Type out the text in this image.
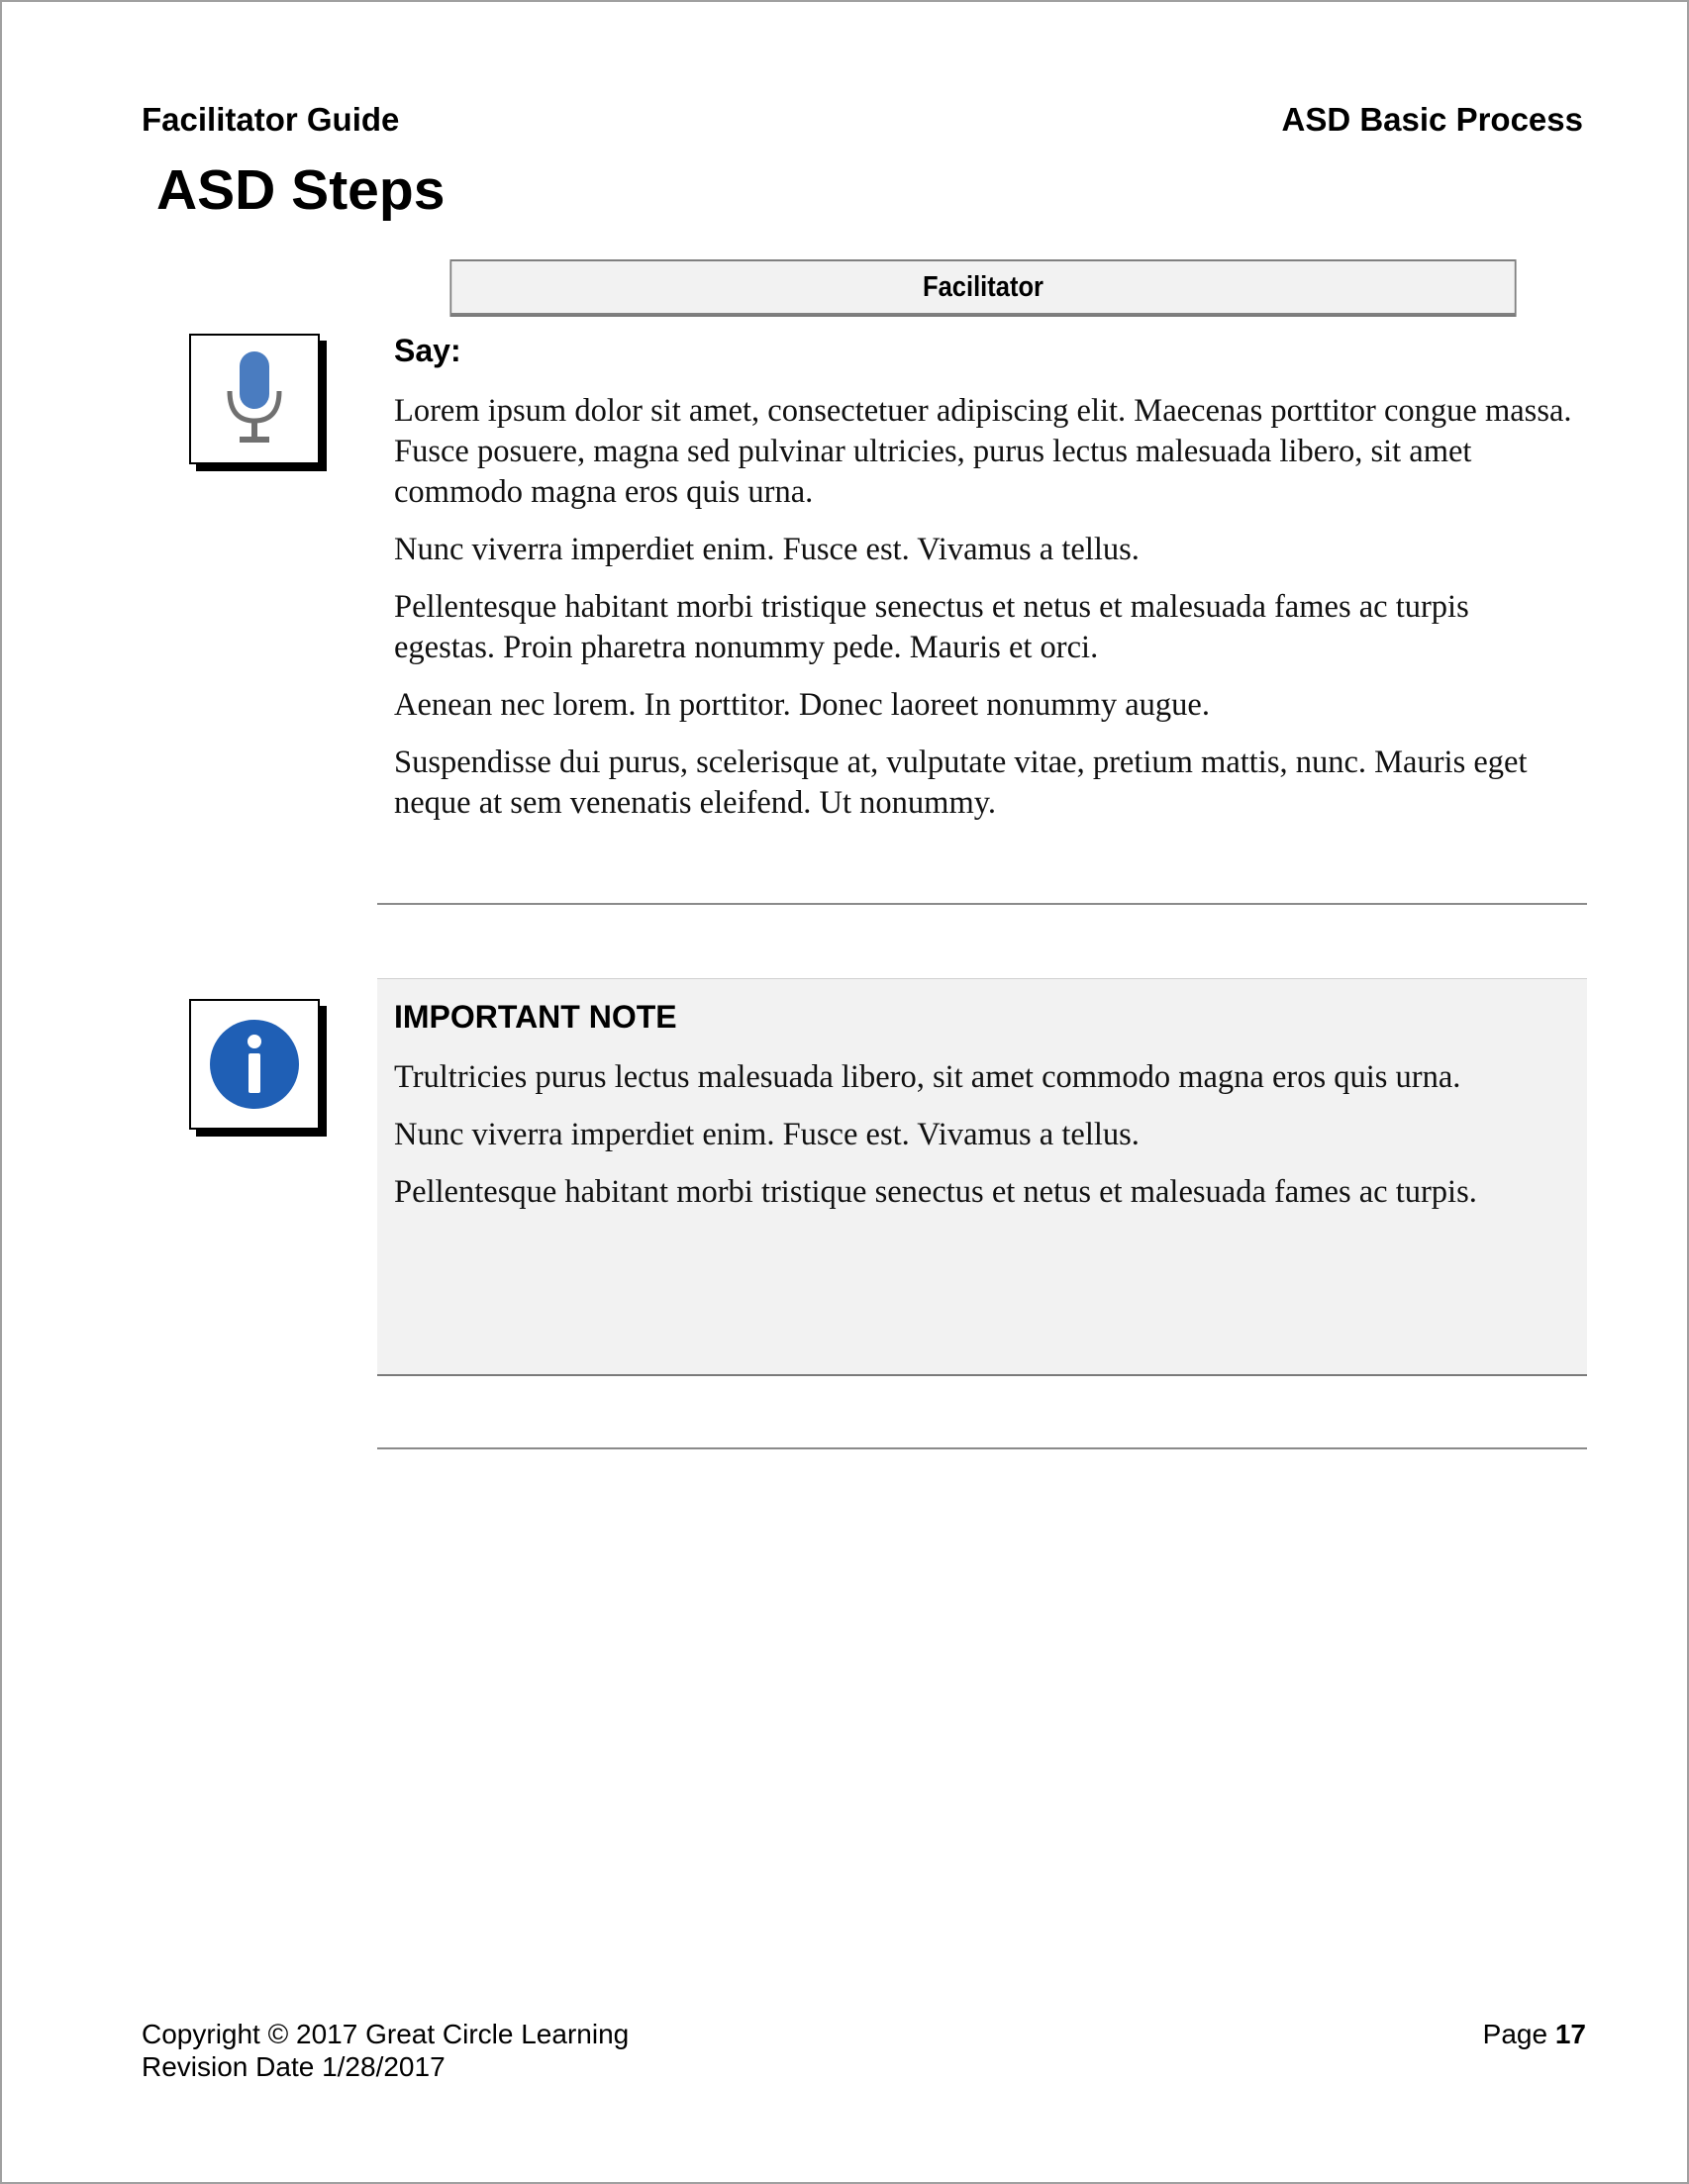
Facilitator Guide	ASD Basic Process
ASD Steps
Facilitator
Say:

Lorem ipsum dolor sit amet, consectetuer adipiscing elit. Maecenas porttitor congue massa. Fusce posuere, magna sed pulvinar ultricies, purus lectus malesuada libero, sit amet commodo magna eros quis urna.

Nunc viverra imperdiet enim. Fusce est. Vivamus a tellus.

Pellentesque habitant morbi tristique senectus et netus et malesuada fames ac turpis egestas. Proin pharetra nonummy pede. Mauris et orci.

Aenean nec lorem. In porttitor. Donec laoreet nonummy augue.

Suspendisse dui purus, scelerisque at, vulputate vitae, pretium mattis, nunc. Mauris eget neque at sem venenatis eleifend. Ut nonummy.

IMPORTANT NOTE

Trultricies purus lectus malesuada libero, sit amet commodo magna eros quis urna.

Nunc viverra imperdiet enim. Fusce est. Vivamus a tellus.

Pellentesque habitant morbi tristique senectus et netus et malesuada fames ac turpis.

Copyright © 2017 Great Circle Learning
Revision Date 1/28/2017
Page 17
